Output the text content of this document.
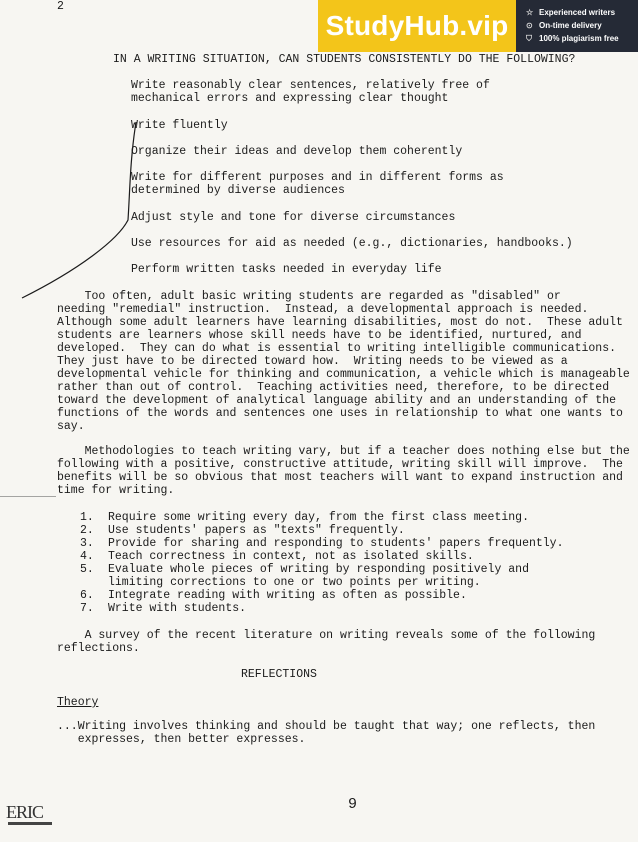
2
StudyHub.vip ☆ Experienced writers
⊙ On-time delivery
⛉ 100% plagiarism free
IN A WRITING SITUATION, CAN STUDENTS CONSISTENTLY DO THE FOLLOWING?
Write reasonably clear sentences, relatively free of
mechanical errors and expressing clear thought
Write fluently
Organize their ideas and develop them coherently
Write for different purposes and in different forms as
determined by diverse audiences
Adjust style and tone for diverse circumstances
Use resources for aid as needed (e.g., dictionaries, handbooks.)
Perform written tasks needed in everyday life

Too often, adult basic writing students are regarded as "disabled" or

needing "remedial" instruction.  Instead, a developmental approach is needed.

Although some adult learners have learning disabilities, most do not.  These adult

students are learners whose skill needs have to be identified, nurtured, and

developed.  They can do what is essential to writing intelligible communications.

They just have to be directed toward how.  Writing needs to be viewed as a

developmental vehicle for thinking and communication, a vehicle which is manageable

rather than out of control.  Teaching activities need, therefore, to be directed

toward the development of analytical language ability and an understanding of the

functions of the words and sentences one uses in relationship to what one wants to

say.

Methodologies to teach writing vary, but if a teacher does nothing else but the

following with a positive, constructive attitude, writing skill will improve.  The

benefits will be so obvious that most teachers will want to expand instruction and

time for writing.

1.	Require some writing every day, from the first class meeting.
2.	Use students' papers as "texts" frequently.
3.	Provide for sharing and responding to students' papers frequently.
4.	Teach correctness in context, not as isolated skills.
5.	Evaluate whole pieces of writing by responding positively and
limiting corrections to one or two points per writing.
6.	Integrate reading with writing as often as possible.
7.	Write with students.

A survey of the recent literature on writing reveals some of the following

reflections.

REFLECTIONS
Theory
...Writing involves thinking and should be taught that way; one reflects, then
expresses, then better expresses.
9
ERIC
